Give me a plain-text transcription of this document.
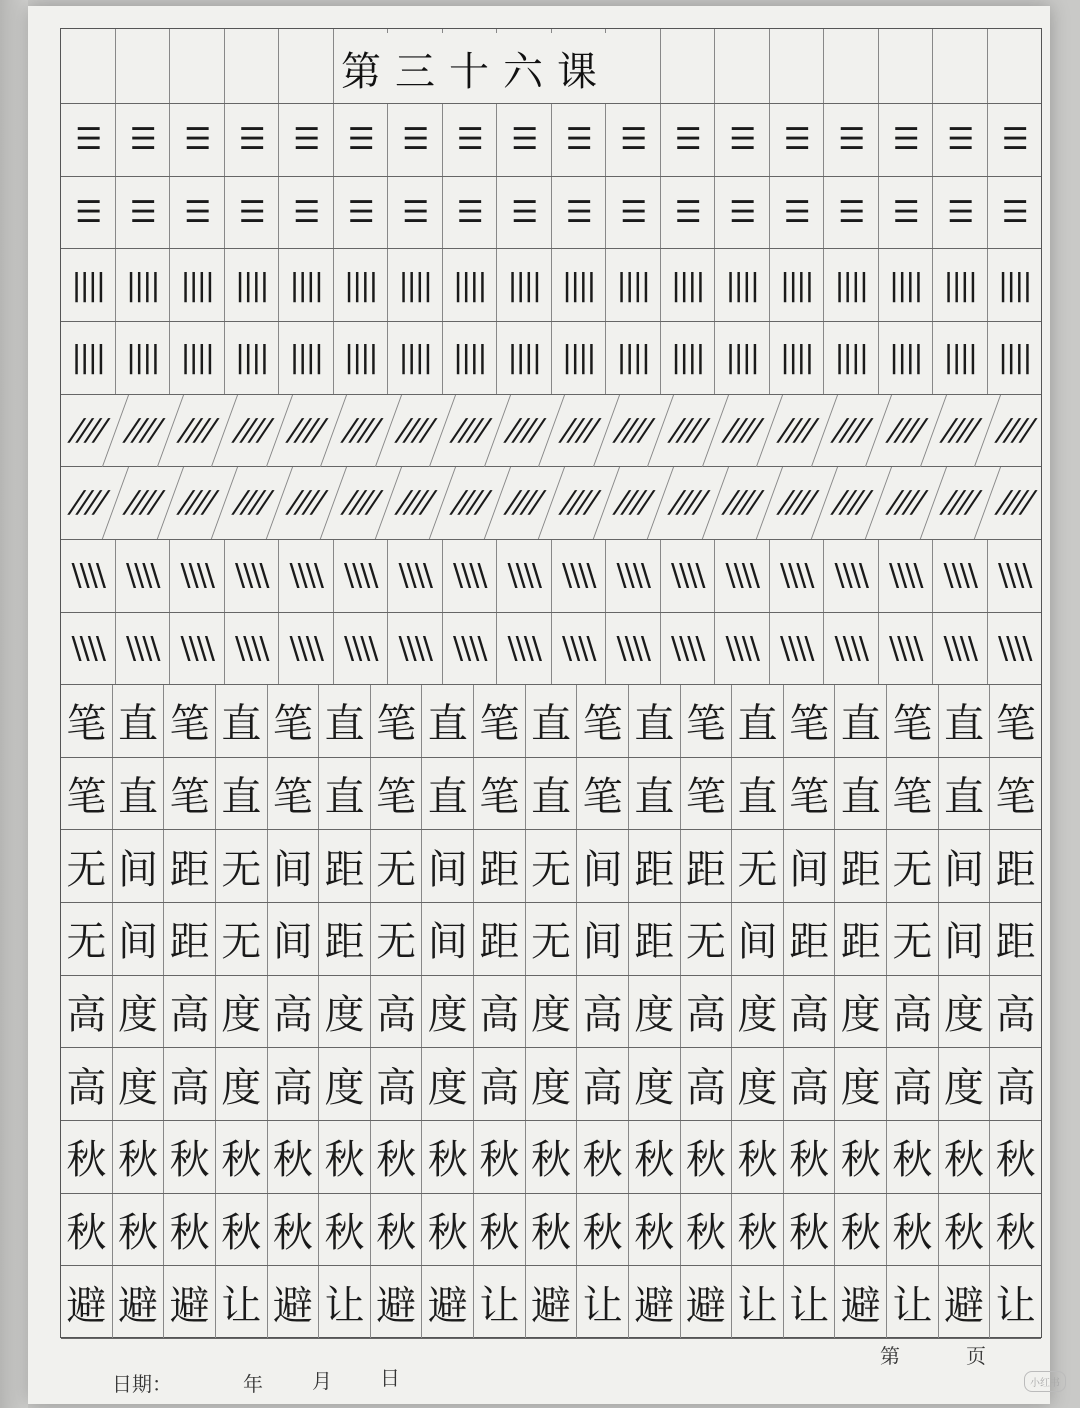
第三十六课
☰ ☰ ☰ ☰ ☰ ☰ ☰ ☰ ☰ ☰ ☰ ☰ ☰ ☰ ☰ ☰ ☰ ☰
☰ ☰ ☰ ☰ ☰ ☰ ☰ ☰ ☰ ☰ ☰ ☰ ☰ ☰ ☰ ☰ ☰ ☰
|||| |||| |||| |||| |||| |||| |||| |||| |||| |||| |||| |||| |||| |||| |||| |||| |||| ||||
|||| |||| |||| |||| |||| |||| |||| |||| |||| |||| |||| |||| |||| |||| |||| |||| |||| ||||
//// //// //// //// //// //// //// //// //// //// //// //// //// //// //// //// //// ////
//// //// //// //// //// //// //// //// //// //// //// //// //// //// //// //// //// ////
\\\\ \\\\ \\\\ \\\\ \\\\ \\\\ \\\\ \\\\ \\\\ \\\\ \\\\ \\\\ \\\\ \\\\ \\\\ \\\\ \\\\ \\\\
\\\\ \\\\ \\\\ \\\\ \\\\ \\\\ \\\\ \\\\ \\\\ \\\\ \\\\ \\\\ \\\\ \\\\ \\\\ \\\\ \\\\ \\\\
笔 直 笔 直 笔 直 笔 直 笔 直 笔 直 笔 直 笔 直 笔 直 笔
笔 直 笔 直 笔 直 笔 直 笔 直 笔 直 笔 直 笔 直 笔 直 笔
无 间 距 无 间 距 无 间 距 无 间 距 距 无 间 距 无 间 距
无 间 距 无 间 距 无 间 距 无 间 距 无 间 距 距 无 间 距
高 度 高 度 高 度 高 度 高 度 高 度 高 度 高 度 高 度 高
高 度 高 度 高 度 高 度 高 度 高 度 高 度 高 度 高 度 高
秋 秋 秋 秋 秋 秋 秋 秋 秋 秋 秋 秋 秋 秋 秋 秋 秋 秋 秋
秋 秋 秋 秋 秋 秋 秋 秋 秋 秋 秋 秋 秋 秋 秋 秋 秋 秋 秋
避 避 避 让 避 让 避 避 让 避 让 避 避 让 让 避 让 避 让
日期：	年 月 日
第	页
小红书
